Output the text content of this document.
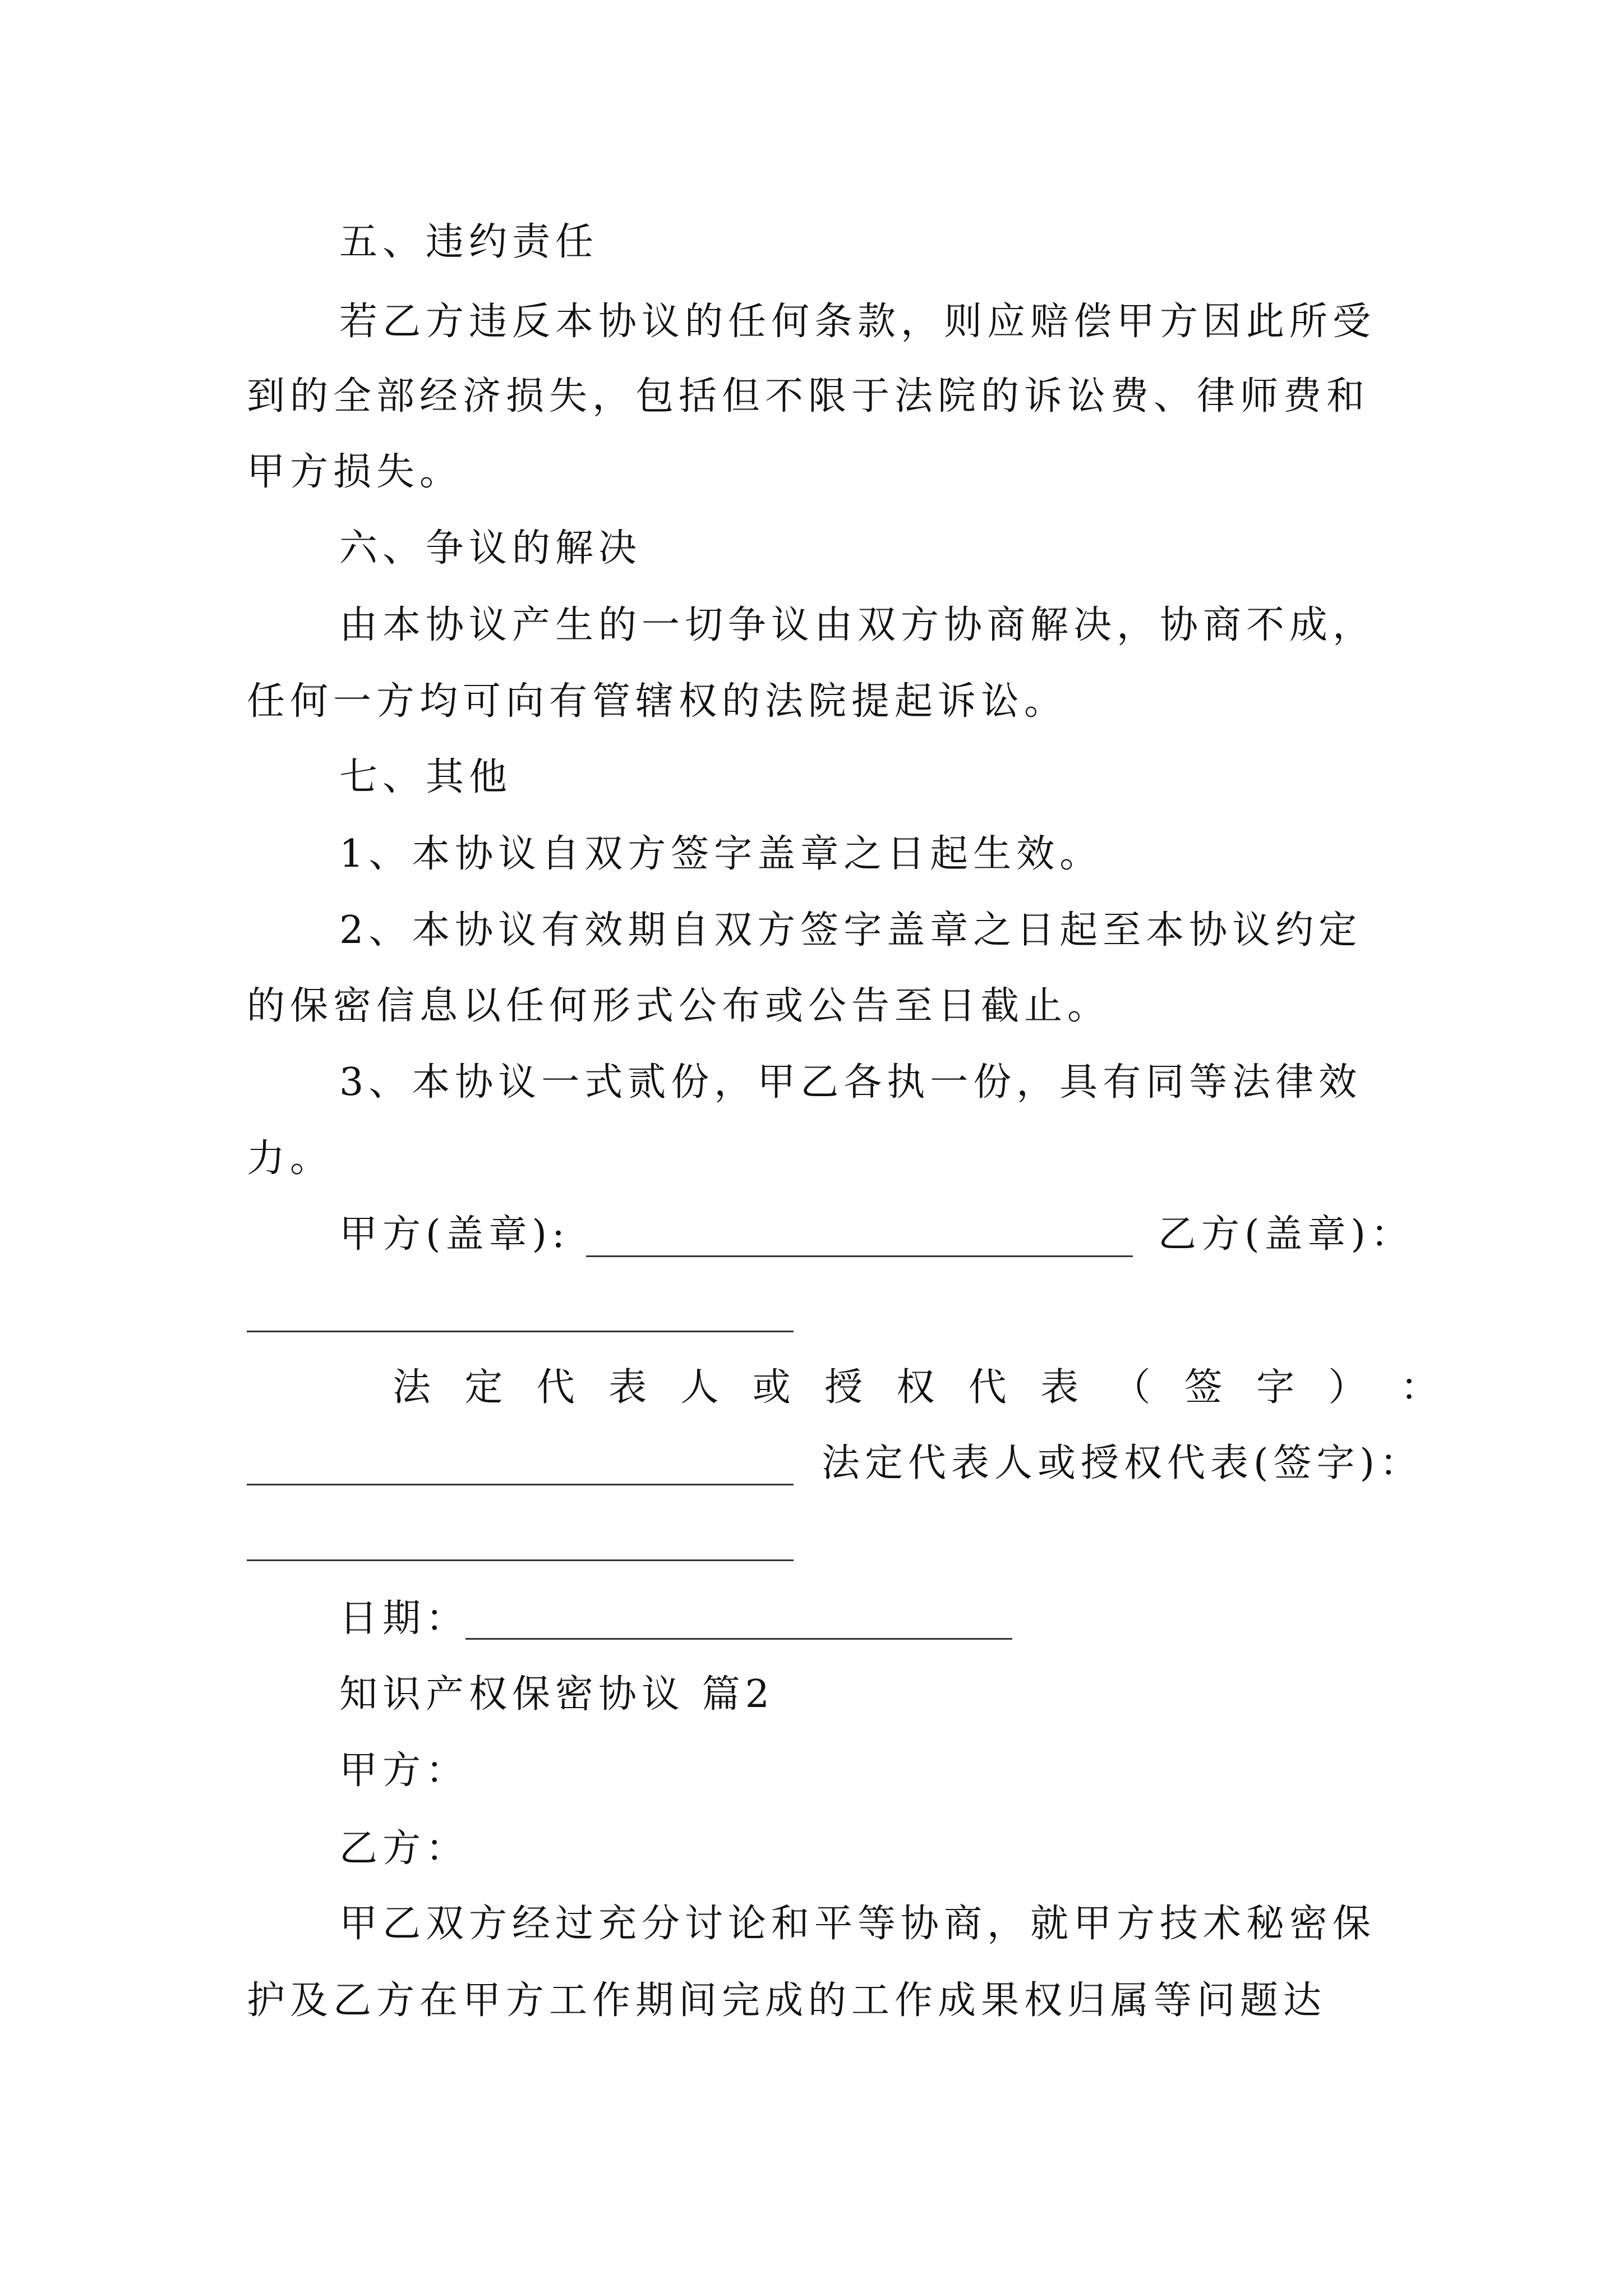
五、违约责任
若乙方违反本协议的任何条款，则应赔偿甲方因此所受
到的全部经济损失，包括但不限于法院的诉讼费、律师费和
甲方损失。
六、争议的解决
由本协议产生的一切争议由双方协商解决，协商不成，
任何一方均可向有管辖权的法院提起诉讼。
七、其他
1、本协议自双方签字盖章之日起生效。
2、本协议有效期自双方签字盖章之日起至本协议约定
的保密信息以任何形式公布或公告至日截止。
3、本协议一式贰份，甲乙各执一份，具有同等法律效
力。
甲方(盖章):	乙方(盖章)：
法 定 代 表 人 或 授 权 代 表 （ 签 字 ） ：
法定代表人或授权代表(签字)：
日期：
知识产权保密协议 篇2
甲方：
乙方：
甲乙双方经过充分讨论和平等协商，就甲方技术秘密保
护及乙方在甲方工作期间完成的工作成果权归属等问题达
